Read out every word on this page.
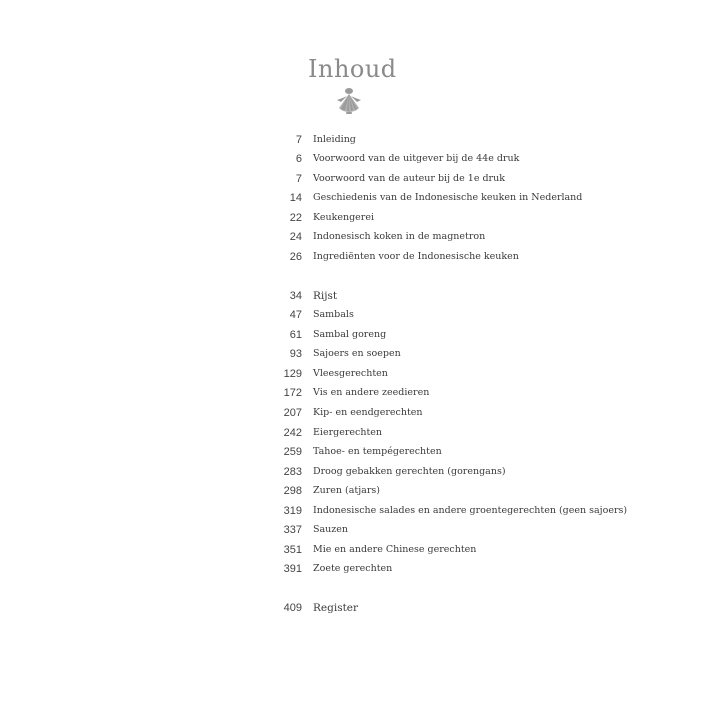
Inhoud
7 Inleiding
6 Voorwoord van de uitgever bij de 44e druk
7 Voorwoord van de auteur bij de 1e druk
14 Geschiedenis van de Indonesische keuken in Nederland
22 Keukengerei
24 Indonesisch koken in de magnetron
26 Ingrediënten voor de Indonesische keuken
34 Rijst
47 Sambals
61 Sambal goreng
93 Sajoers en soepen
129 Vleesgerechten
172 Vis en andere zeedieren
207 Kip- en eendgerechten
242 Eiergerechten
259 Tahoe- en tempégerechten
283 Droog gebakken gerechten (gorengans)
298 Zuren (atjars)
319 Indonesische salades en andere groentegerechten (geen sajoers)
337 Sauzen
351 Mie en andere Chinese gerechten
391 Zoete gerechten
409 Register
